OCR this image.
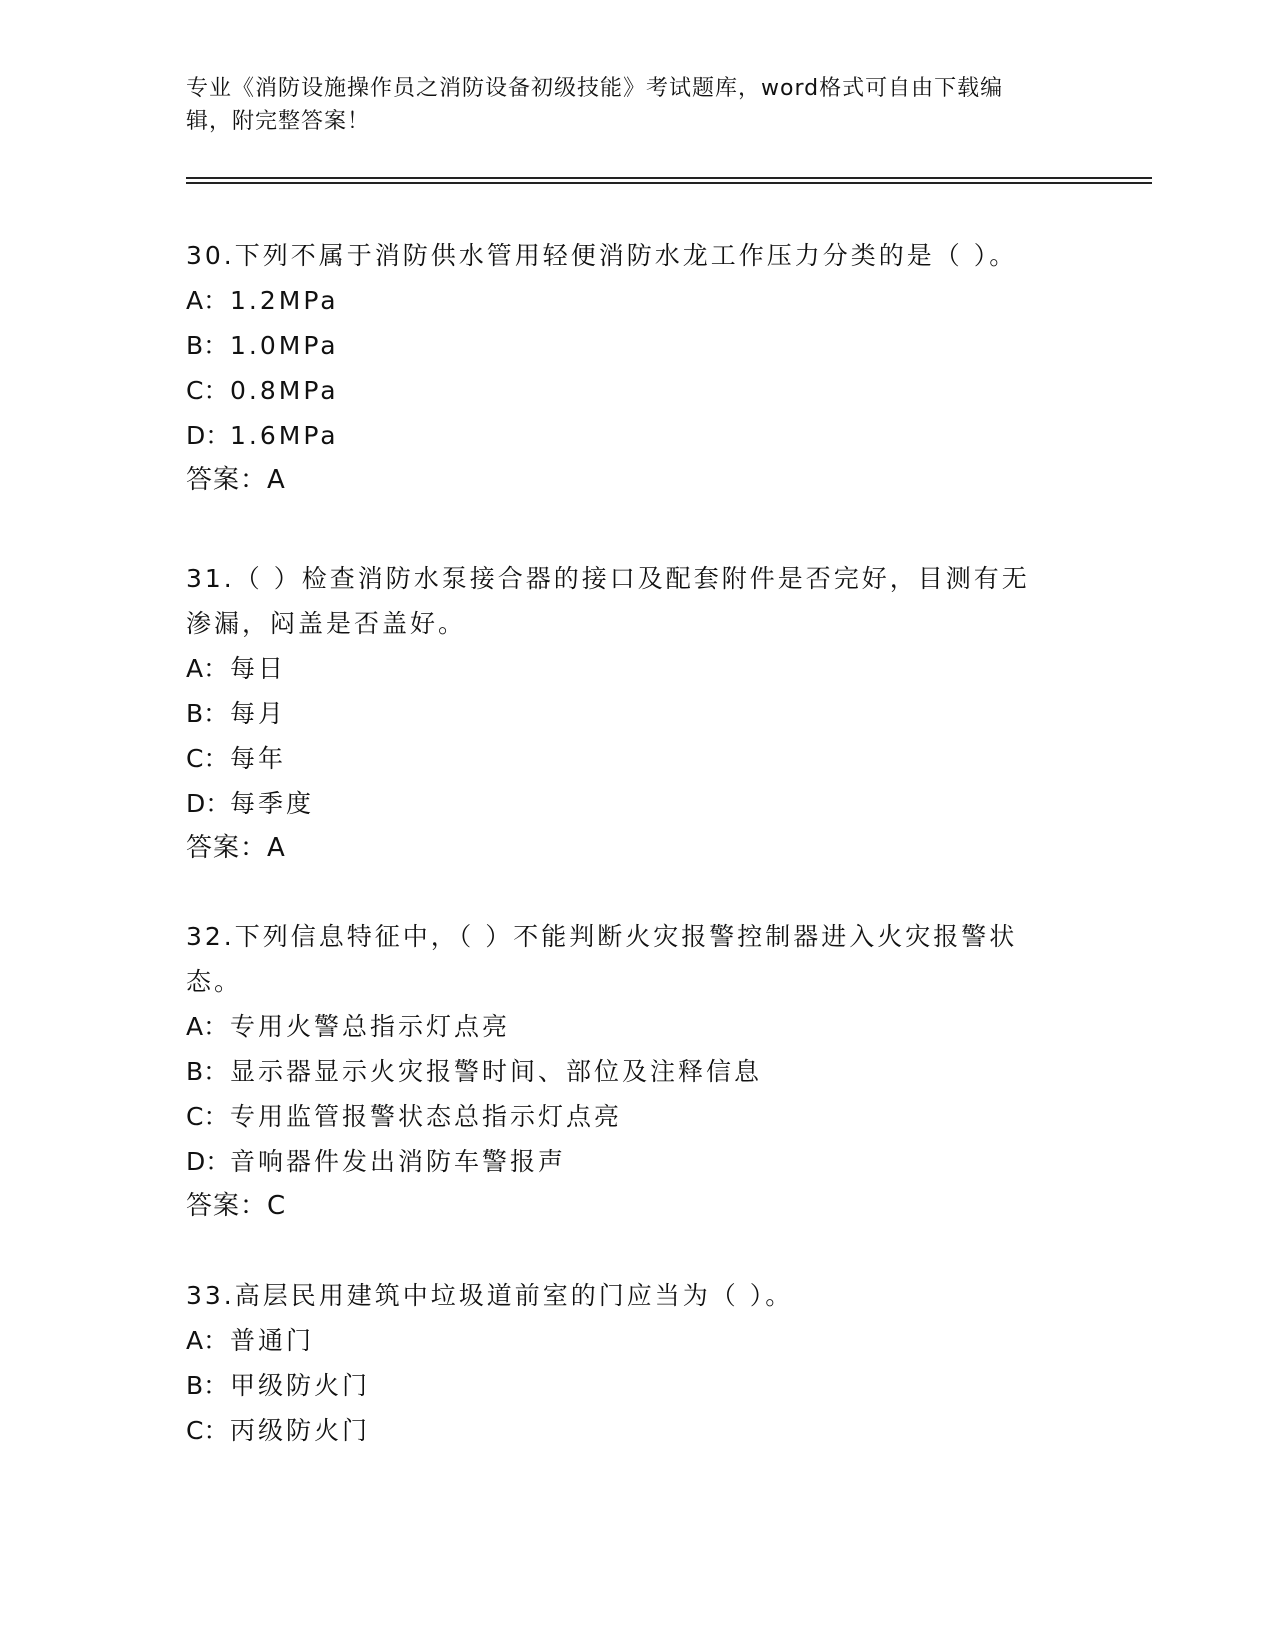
专业《消防设施操作员之消防设备初级技能》考试题库，word格式可自由下载编
辑，附完整答案！
30.下列不属于消防供水管用轻便消防水龙工作压力分类的是（ ）。
A：1.2MPa
B：1.0MPa
C：0.8MPa
D：1.6MPa
答案：A
31.（ ）检查消防水泵接合器的接口及配套附件是否完好，目测有无
渗漏，闷盖是否盖好。
A：每日
B：每月
C：每年
D：每季度
答案：A
32.下列信息特征中，（ ）不能判断火灾报警控制器进入火灾报警状
态。
A：专用火警总指示灯点亮
B：显示器显示火灾报警时间、部位及注释信息
C：专用监管报警状态总指示灯点亮
D：音响器件发出消防车警报声
答案：C
33.高层民用建筑中垃圾道前室的门应当为（ ）。
A：普通门
B：甲级防火门
C：丙级防火门
